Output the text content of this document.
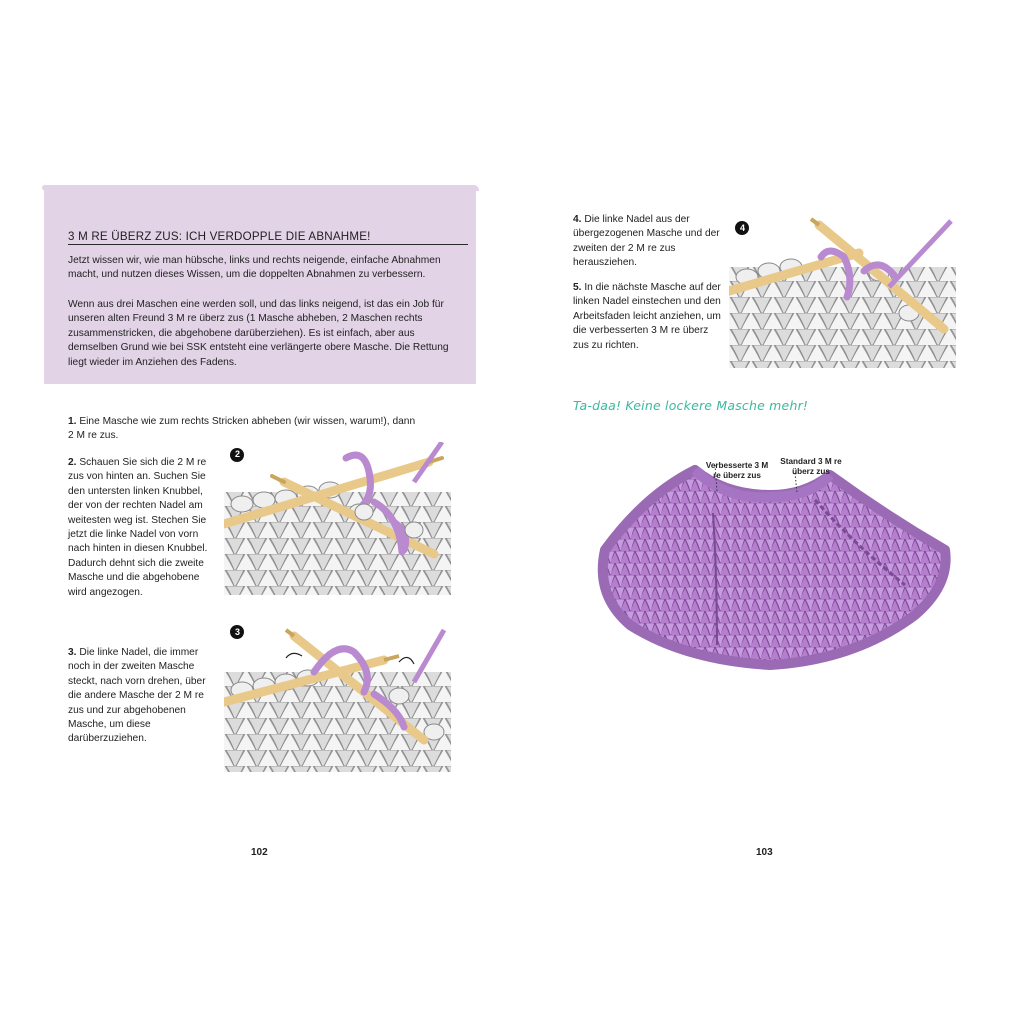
3 M RE ÜBERZ ZUS: ICH VERDOPPLE DIE ABNAHME!
Jetzt wissen wir, wie man hübsche, links und rechts neigende, einfache Abnahmen macht, und nutzen dieses Wissen, um die doppelten Abnahmen zu verbessern.
Wenn aus drei Maschen eine werden soll, und das links neigend, ist das ein Job für unseren alten Freund 3 M re überz zus (1 Masche abheben, 2 Maschen rechts zusammenstricken, die abgehobene darüberziehen). Es ist einfach, aber aus demselben Grund wie bei SSK entsteht eine verlängerte obere Masche. Die Rettung liegt wieder im Anziehen des Fadens.
1. Eine Masche wie zum rechts Stricken abheben (wir wissen, warum!), dann 2 M re zus.
2. Schauen Sie sich die 2 M re zus von hinten an. Suchen Sie den untersten linken Knubbel, der von der rechten Nadel am weitesten weg ist. Stechen Sie jetzt die linke Nadel von vorn nach hinten in diesen Knubbel. Dadurch dehnt sich die zweite Masche und die abgehobene wird angezogen.
3. Die linke Nadel, die immer noch in der zweiten Masche steckt, nach vorn drehen, über die andere Masche der 2 M re zus und zur abgehobenen Masche, um diese darüberzuziehen.
2
3
102
4. Die linke Nadel aus der übergezogenen Masche und der zweiten der 2 M re zus herausziehen.
5. In die nächste Masche auf der linken Nadel einstechen und den Arbeitsfaden leicht anziehen, um die verbesserten 3 M re überz zus zu richten.
4
Ta-daa! Keine lockere Masche mehr!
Verbesserte 3 M re überz zus
Standard 3 M re überz zus
103
